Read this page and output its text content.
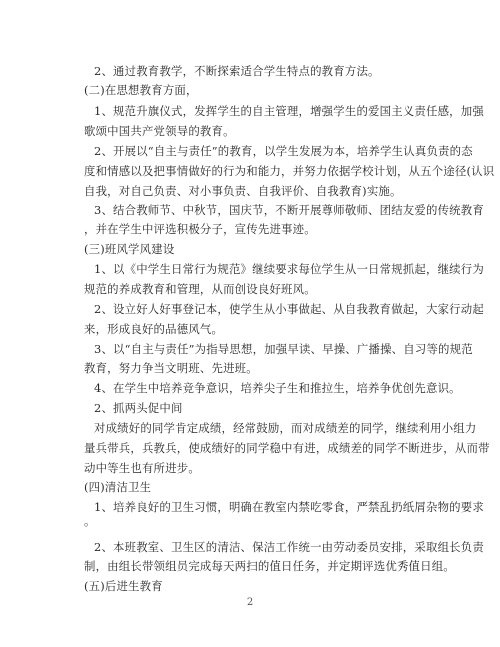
2、通过教育教学，不断探索适合学生特点的教育方法。
(二)在思想教育方面，
1、规范升旗仪式，发挥学生的自主管理，增强学生的爱国主义责任感，加强
歌颂中国共产党领导的教育。
2、开展以“自主与责任”的教育，以学生发展为本，培养学生认真负责的态
度和情感以及把事情做好的行为和能力，并努力依据学校计划，从五个途径(认识
自我，对自己负责、对小事负责、自我评价、自我教育)实施。
3、结合教师节、中秋节，国庆节，不断开展尊师敬师、团结友爱的传统教育
，并在学生中评选积极分子，宣传先进事迹。
(三)班风学风建设
1、以《中学生日常行为规范》继续要求每位学生从一日常规抓起，继续行为
规范的养成教育和管理，从而创设良好班风。
2、设立好人好事登记本，使学生从小事做起、从自我教育做起，大家行动起
来，形成良好的品德风气。
3、以“自主与责任”为指导思想，加强早读、早操、广播操、自习等的规范
教育，努力争当文明班、先进班。
4、在学生中培养竞争意识，培养尖子生和推拉生，培养争优创先意识。
2、抓两头促中间
对成绩好的同学肯定成绩，经常鼓励，而对成绩差的同学，继续利用小组力
量兵带兵，兵教兵，使成绩好的同学稳中有进，成绩差的同学不断进步，从而带
动中等生也有所进步。
(四)清洁卫生
1、培养良好的卫生习惯，明确在教室内禁吃零食，严禁乱扔纸屑杂物的要求
。
2、本班教室、卫生区的清洁、保洁工作统一由劳动委员安排，采取组长负责
制，由组长带领组员完成每天两扫的值日任务，并定期评选优秀值日组。
(五)后进生教育
2
